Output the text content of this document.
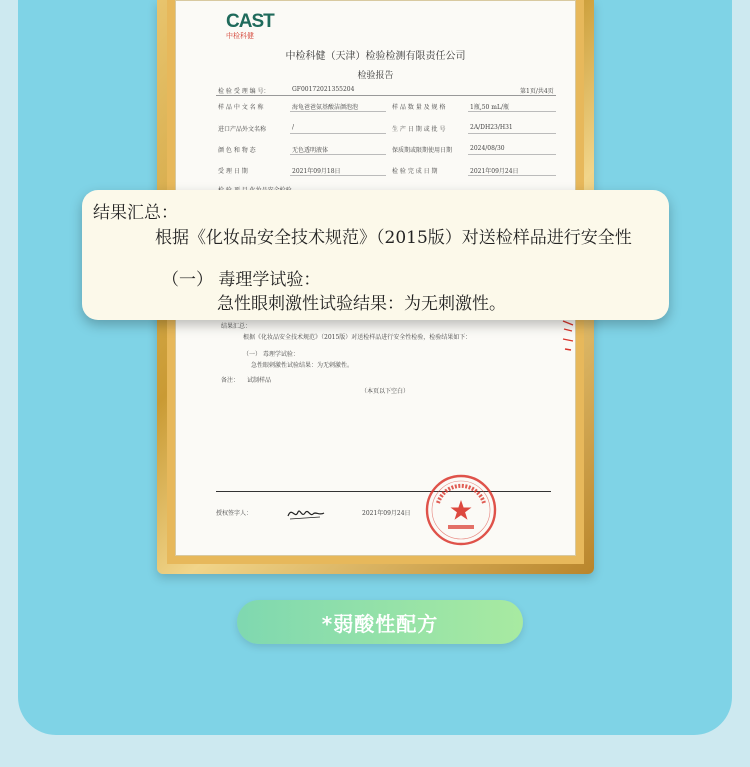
CAST
中检科健
中检科健（天津）检验检测有限责任公司
检验报告
检 验 受 理 编 号：	GF00172021355204	第1页/共4页
样 品 中 文 名 称	海龟爸爸氨基酸洁颜泡泡	样 品 数 量 及 规 格	1瓶,50 mL/瓶
进口产品外文名称	/	生 产 日 期 或 批 号	2A/DH23/H31
颜 色 和 物 态	无色透明液体	保质期或限期使用日期	2024/08/30
受 理 日 期	2021年09月18日	检 验 完 成 日 期	2021年09月24日
结果汇总：
根据《化妆品安全技术规范》（2015版）对送检样品进行安全性检验，检验结果如下：
（一） 毒理学试验：
急性眼刺激性试验结果：为无刺激性。
备注： 试制样品
（本页以下空白）
授权签字人：	2021年09月24日
结果汇总：
根据《化妆品安全技术规范》（2015版）对送检样品进行安全性
（一） 毒理学试验：
急性眼刺激性试验结果：为无刺激性。
*弱酸性配方
